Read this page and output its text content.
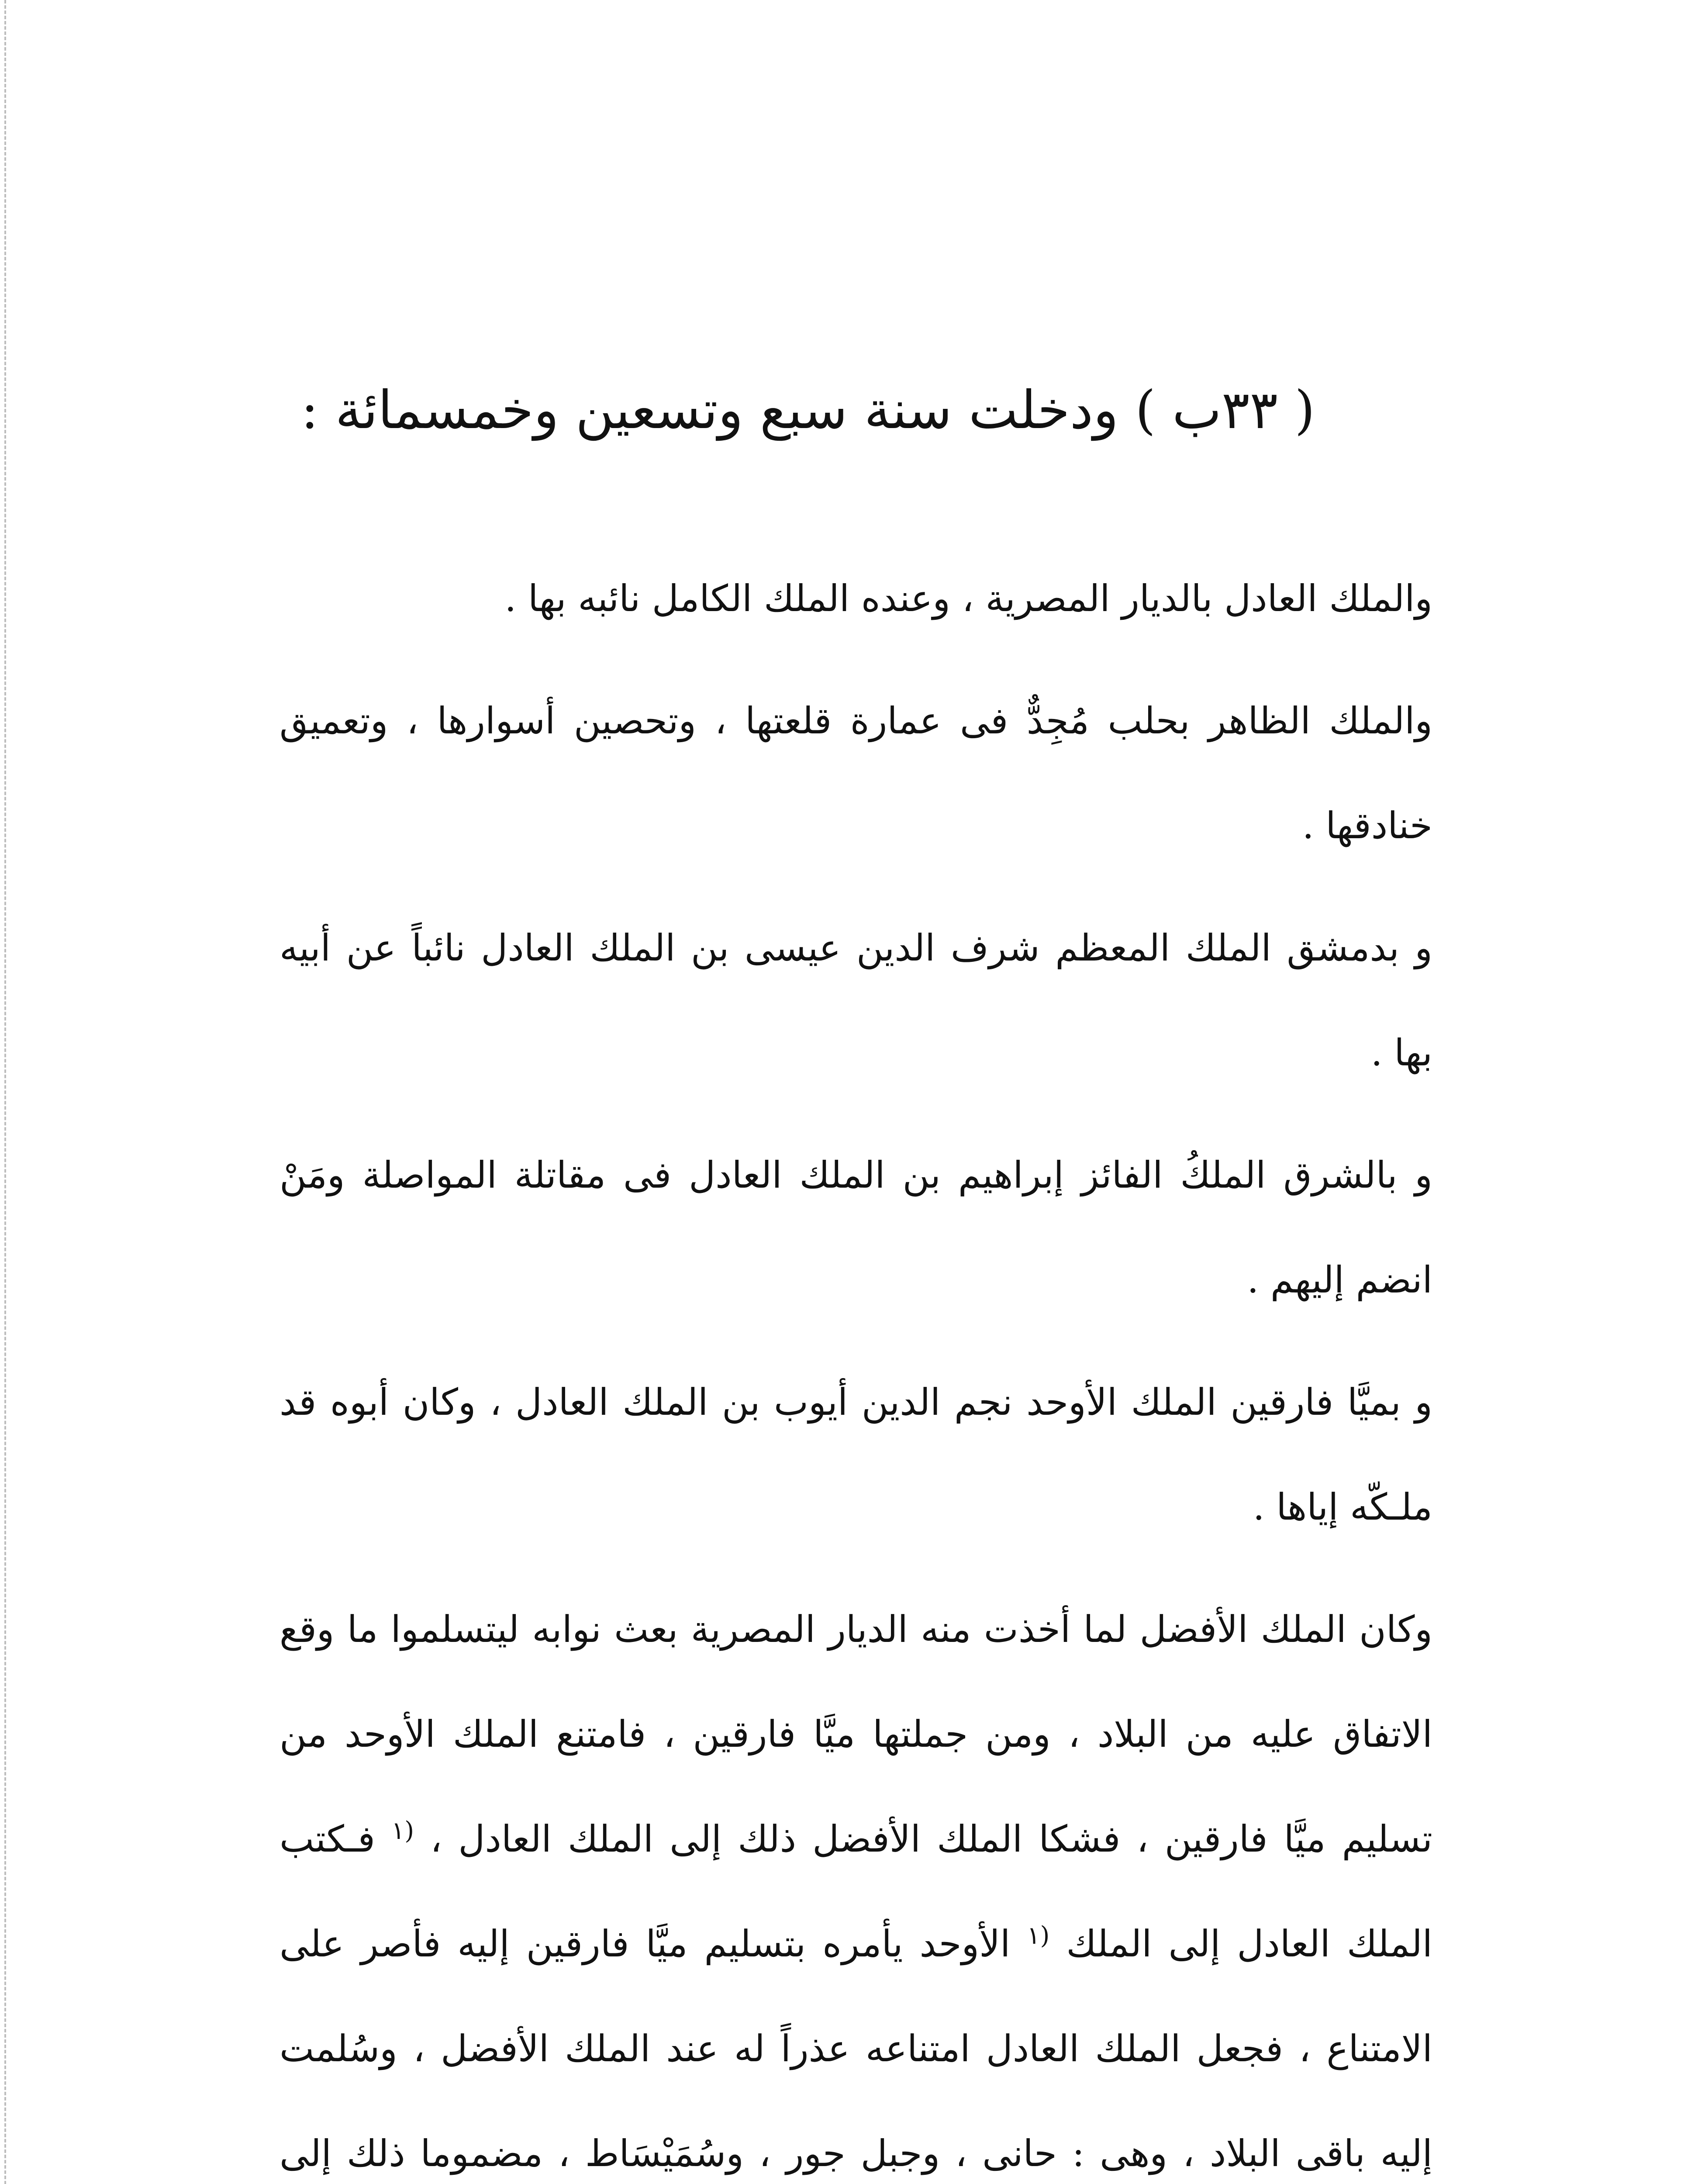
( ٣٣ب ) ودخلت سنة سبع وتسعين وخمسمائة :

والملك العادل بالديار المصرية ، وعنده الملك الكامل نائبه بها .

والملك الظاهر بحلب مُجِدٌّ فى عمارة قلعتها ، وتحصين أسوارها ، وتعميق خنادقها .

و بدمشق الملك المعظم شرف الدين عيسى بن الملك العادل نائباً عن أبيه بها .

و بالشرق الملكُ الفائز إبراهيم بن الملك العادل فى مقاتلة المواصلة ومَنْ انضم إليهم .

و بميَّا فارقين الملك الأوحد نجم الدين أيوب بن الملك العادل ، وكان أبوه قد ملـكّه إياها .

وكان الملك الأفضل لما أخذت منه الديار المصرية بعث نوابه ليتسلموا ما وقع الاتفاق عليه من البلاد ، ومن جملتها ميَّا فارقين ، فامتنع الملك الأوحد من تسليم ميَّا فارقين ، فشكا الملك الأفضل ذلك إلى الملك العادل ، $^{(١}$ فـكتب الملك العادل إلى الملك $^{(١}$ الأوحد يأمره بتسليم ميَّا فارقين إليه فأصر على الامتناع ، فجعل الملك العادل امتناعه عذراً له عند الملك الأفضل ، وسُلمت إليه باقى البلاد ، وهى : حانى ، وجبل جور ، وسُمَيْسَاط ، مضموما ذلك إلى
